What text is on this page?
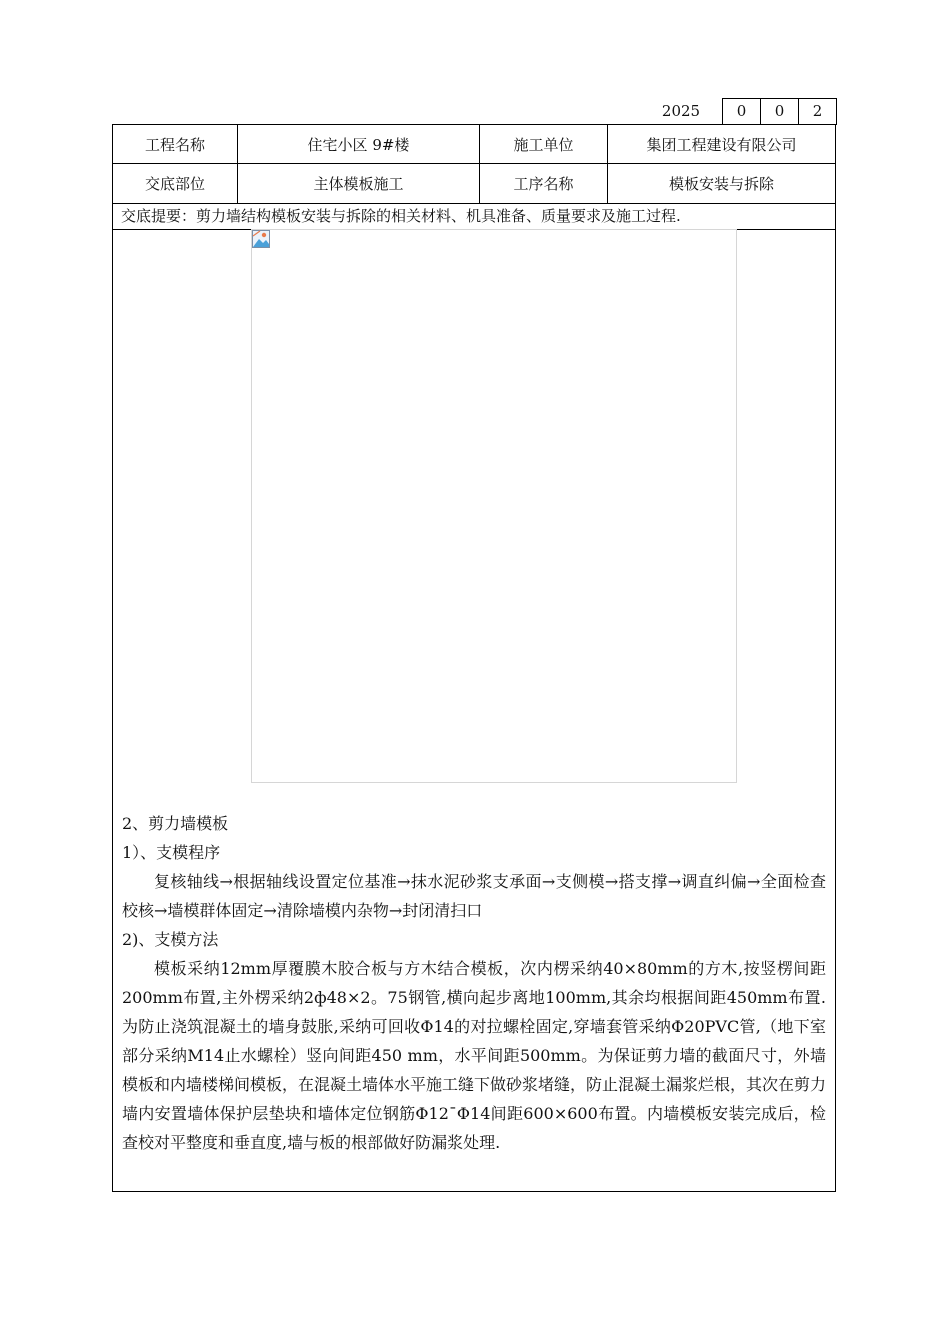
2025	0	0	2
工程名称	住宅小区 9#楼	施工单位	集团工程建设有限公司
交底部位	主体模板施工	工序名称	模板安装与拆除
交底提要：剪力墙结构模板安装与拆除的相关材料、机具准备、质量要求及施工过程.

2、剪力墙模板

1）、支模程序

复核轴线→根据轴线设置定位基准→抹水泥砂浆支承面→支侧模→搭支撑→调直纠偏→全面检查校核→墙模群体固定→清除墙模内杂物→封闭清扫口

2)、支模方法

模板采纳12mm厚覆膜木胶合板与方木结合模板，次内楞采纳40×80mm的方木,按竖楞间距200mm布置,主外楞采纳2ф48×2。75钢管,横向起步离地100mm,其余均根据间距450mm布置.为防止浇筑混凝土的墙身鼓胀,采纳可回收Φ14的对拉螺栓固定,穿墙套管采纳Φ20PVC管,（地下室部分采纳M14止水螺栓）竖向间距450 mm，水平间距500mm。为保证剪力墙的截面尺寸，外墙模板和内墙楼梯间模板，在混凝土墙体水平施工缝下做砂浆堵缝，防止混凝土漏浆烂根，其次在剪力墙内安置墙体保护层垫块和墙体定位钢筋Φ12¯Φ14间距600×600布置。内墙模板安装完成后，检查校对平整度和垂直度,墙与板的根部做好防漏浆处理.
